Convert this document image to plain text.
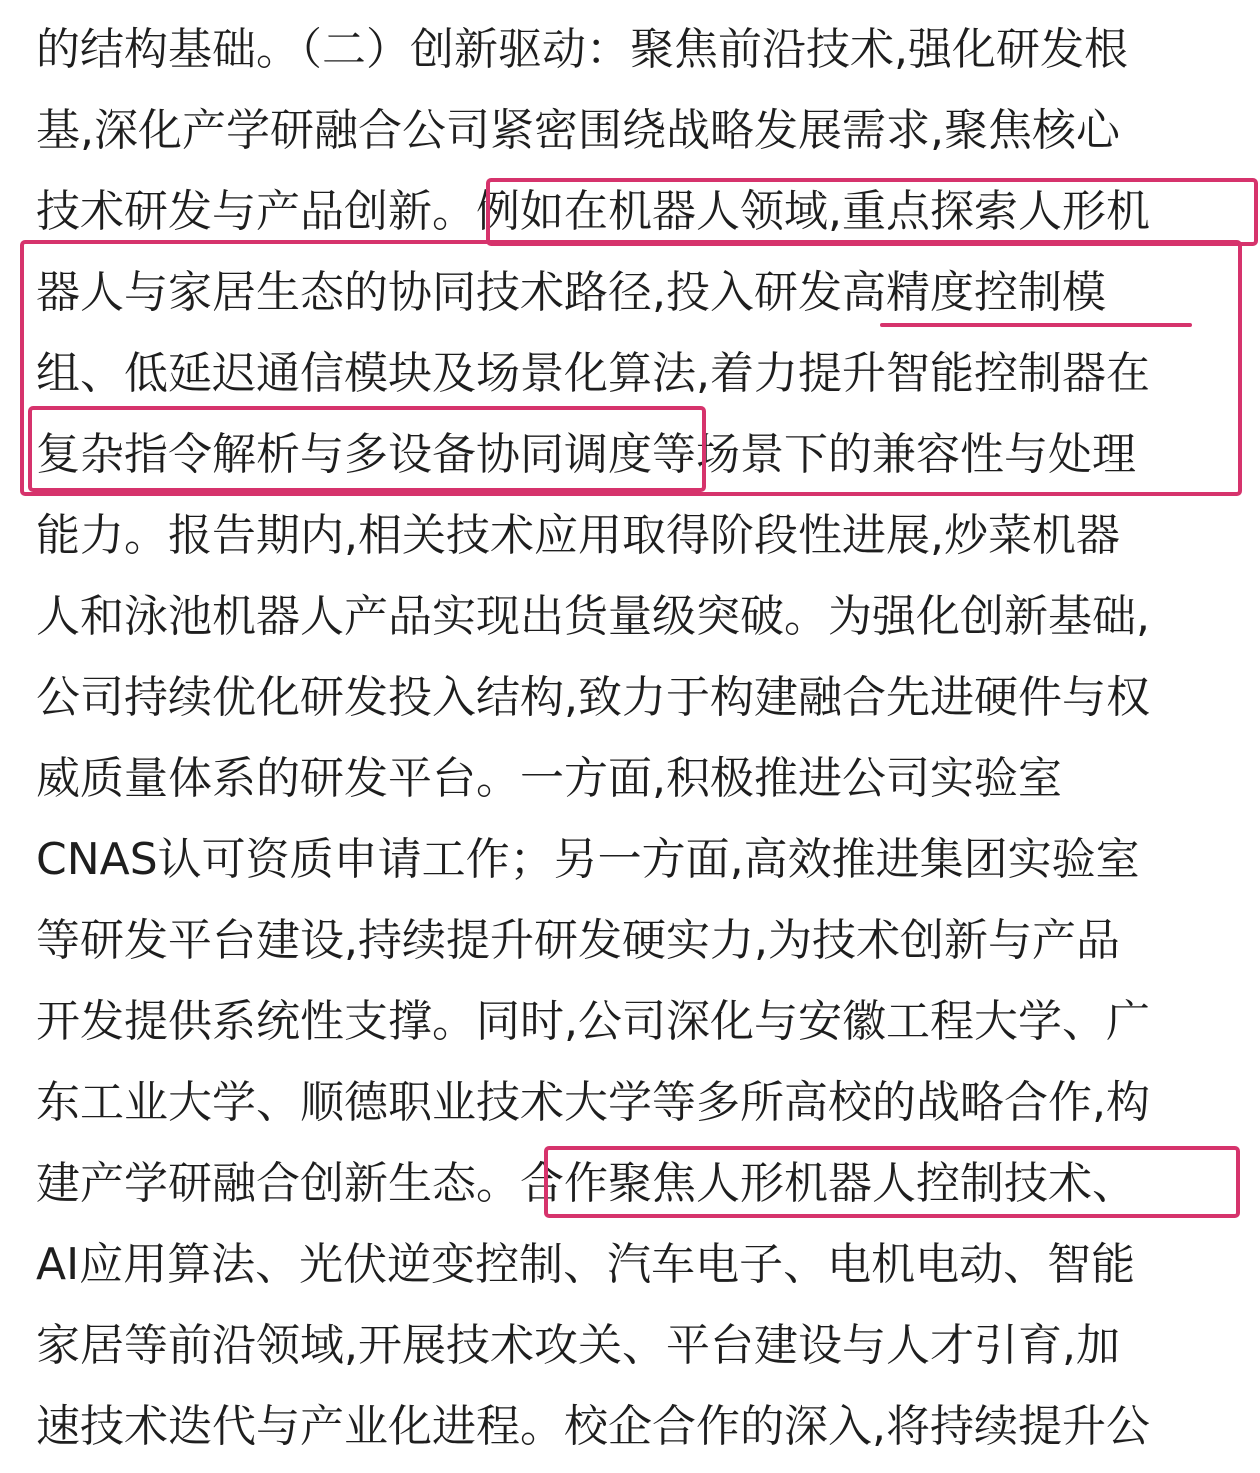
的结构基础。（二）创新驱动：聚焦前沿技术,强化研发根
基,深化产学研融合公司紧密围绕战略发展需求,聚焦核心
技术研发与产品创新。例如在机器人领域,重点探索人形机
器人与家居生态的协同技术路径,投入研发高精度控制模
组、低延迟通信模块及场景化算法,着力提升智能控制器在
复杂指令解析与多设备协同调度等场景下的兼容性与处理
能力。报告期内,相关技术应用取得阶段性进展,炒菜机器
人和泳池机器人产品实现出货量级突破。为强化创新基础,
公司持续优化研发投入结构,致力于构建融合先进硬件与权
威质量体系的研发平台。一方面,积极推进公司实验室
CNAS认可资质申请工作；另一方面,高效推进集团实验室
等研发平台建设,持续提升研发硬实力,为技术创新与产品
开发提供系统性支撑。同时,公司深化与安徽工程大学、广
东工业大学、顺德职业技术大学等多所高校的战略合作,构
建产学研融合创新生态。合作聚焦人形机器人控制技术、
AI应用算法、光伏逆变控制、汽车电子、电机电动、智能
家居等前沿领域,开展技术攻关、平台建设与人才引育,加
速技术迭代与产业化进程。校企合作的深入,将持续提升公
